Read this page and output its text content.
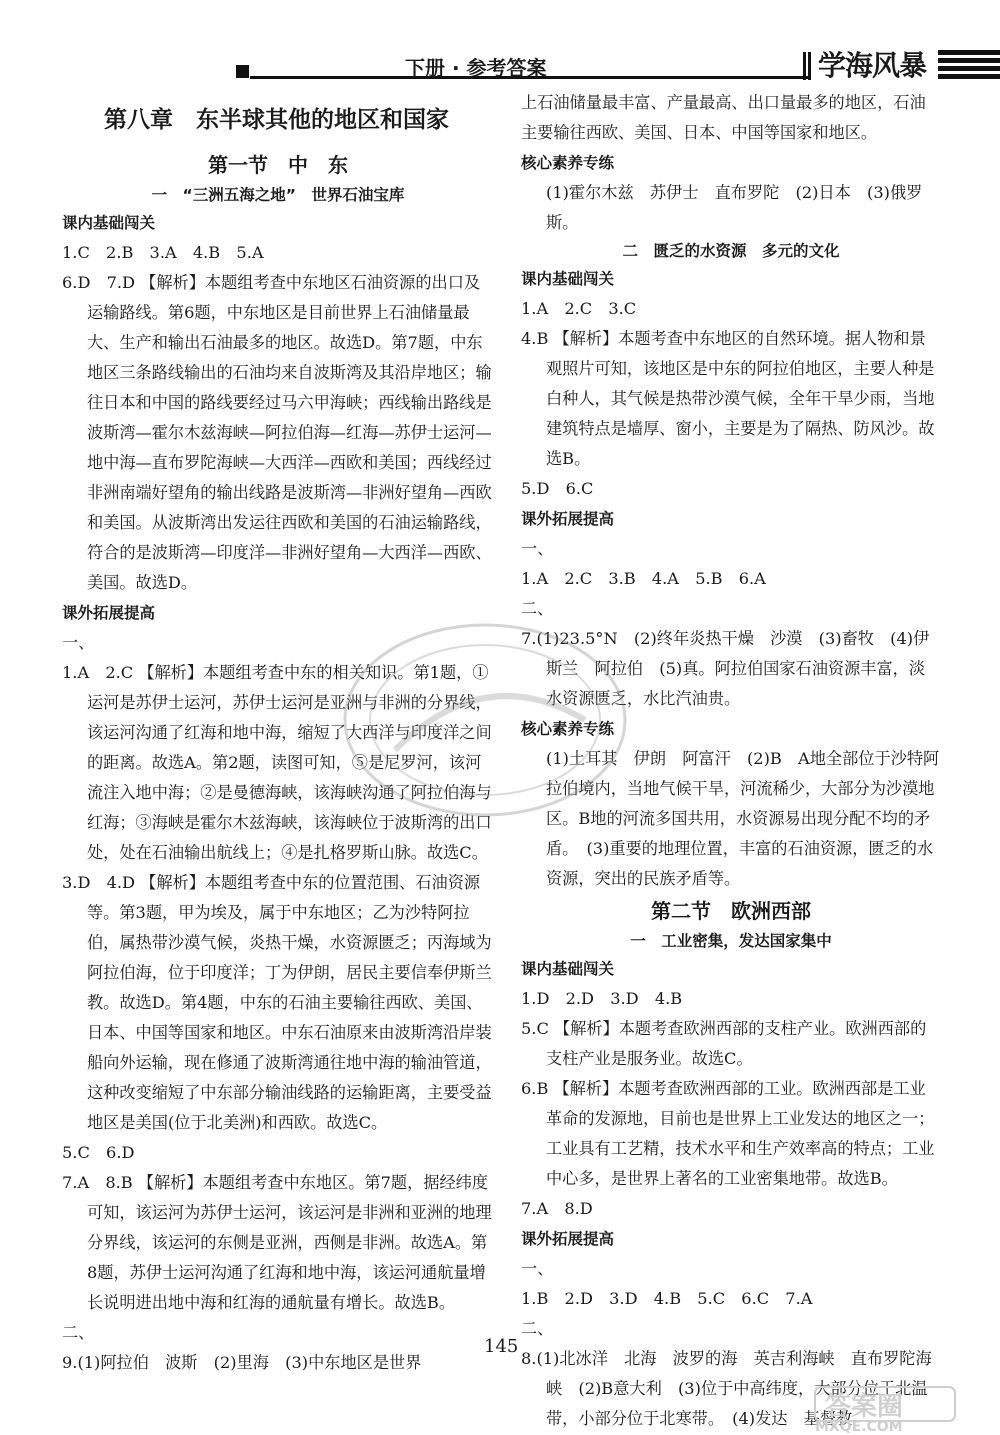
下册 · 参考答案	学海风暴
第八章　东半球其他的地区和国家
第一节　中　东
一　“三洲五海之地”　世界石油宝库

课内基础闯关

1.C　2.B　3.A　4.B　5.A

6.D　7.D 【解析】本题组考查中东地区石油资源的出口及运输路线。第6题，中东地区是目前世界上石油储量最大、生产和输出石油最多的地区。故选D。第7题，中东地区三条路线输出的石油均来自波斯湾及其沿岸地区；输往日本和中国的路线要经过马六甲海峡；西线输出路线是波斯湾—霍尔木兹海峡—阿拉伯海—红海—苏伊士运河—地中海—直布罗陀海峡—大西洋—西欧和美国；西线经过非洲南端好望角的输出线路是波斯湾—非洲好望角—西欧和美国。从波斯湾出发运往西欧和美国的石油运输路线，符合的是波斯湾—印度洋—非洲好望角—大西洋—西欧、美国。故选D。

课外拓展提高

一、

1.A　2.C 【解析】本题组考查中东的相关知识。第1题，①运河是苏伊士运河，苏伊士运河是亚洲与非洲的分界线，该运河沟通了红海和地中海，缩短了大西洋与印度洋之间的距离。故选A。第2题，读图可知，⑤是尼罗河，该河流注入地中海；②是曼德海峡，该海峡沟通了阿拉伯海与红海；③海峡是霍尔木兹海峡，该海峡位于波斯湾的出口处，处在石油输出航线上；④是扎格罗斯山脉。故选C。

3.D　4.D 【解析】本题组考查中东的位置范围、石油资源等。第3题，甲为埃及，属于中东地区；乙为沙特阿拉伯，属热带沙漠气候，炎热干燥，水资源匮乏；丙海域为阿拉伯海，位于印度洋；丁为伊朗，居民主要信奉伊斯兰教。故选D。第4题，中东的石油主要输往西欧、美国、日本、中国等国家和地区。中东石油原来由波斯湾沿岸装船向外运输，现在修通了波斯湾通往地中海的输油管道，这种改变缩短了中东部分输油线路的运输距离，主要受益地区是美国(位于北美洲)和西欧。故选C。

5.C　6.D

7.A　8.B 【解析】本题组考查中东地区。第7题，据经纬度可知，该运河为苏伊士运河，该运河是非洲和亚洲的地理分界线，该运河的东侧是亚洲，西侧是非洲。故选A。第8题，苏伊士运河沟通了红海和地中海，该运河通航量增长说明进出地中海和红海的通航量有增长。故选B。

二、

9.(1)阿拉伯　波斯　(2)里海　(3)中东地区是世界

上石油储量最丰富、产量最高、出口量最多的地区，石油主要输往西欧、美国、日本、中国等国家和地区。

核心素养专练

(1)霍尔木兹　苏伊士　直布罗陀　(2)日本　(3)俄罗斯。

二　匮乏的水资源　多元的文化

课内基础闯关

1.A　2.C　3.C

4.B 【解析】本题考查中东地区的自然环境。据人物和景观照片可知，该地区是中东的阿拉伯地区，主要人种是白种人，其气候是热带沙漠气候，全年干旱少雨，当地建筑特点是墙厚、窗小，主要是为了隔热、防风沙。故选B。

5.D　6.C

课外拓展提高

一、

1.A　2.C　3.B　4.A　5.B　6.A

二、

7.(1)23.5°N　(2)终年炎热干燥　沙漠　(3)畜牧　(4)伊斯兰　阿拉伯　(5)真。阿拉伯国家石油资源丰富，淡水资源匮乏，水比汽油贵。

核心素养专练

(1)土耳其　伊朗　阿富汗　(2)B　A地全部位于沙特阿拉伯境内，当地气候干旱，河流稀少，大部分为沙漠地区。B地的河流多国共用，水资源易出现分配不均的矛盾。　(3)重要的地理位置，丰富的石油资源，匮乏的水资源，突出的民族矛盾等。

第二节　欧洲西部
一　工业密集，发达国家集中

课内基础闯关

1.D　2.D　3.D　4.B

5.C 【解析】本题考查欧洲西部的支柱产业。欧洲西部的支柱产业是服务业。故选C。

6.B 【解析】本题考查欧洲西部的工业。欧洲西部是工业革命的发源地，目前也是世界上工业发达的地区之一；工业具有工艺精，技术水平和生产效率高的特点；工业中心多，是世界上著名的工业密集地带。故选B。

7.A　8.D

课外拓展提高

一、

1.B　2.D　3.D　4.B　5.C　6.C　7.A

二、

8.(1)北冰洋　北海　波罗的海　英吉利海峡　直布罗陀海峡　(2)B意大利　(3)位于中高纬度，大部分位于北温带，小部分位于北寒带。　(4)发达　基督教

145
答案圈
MXQE.COM
